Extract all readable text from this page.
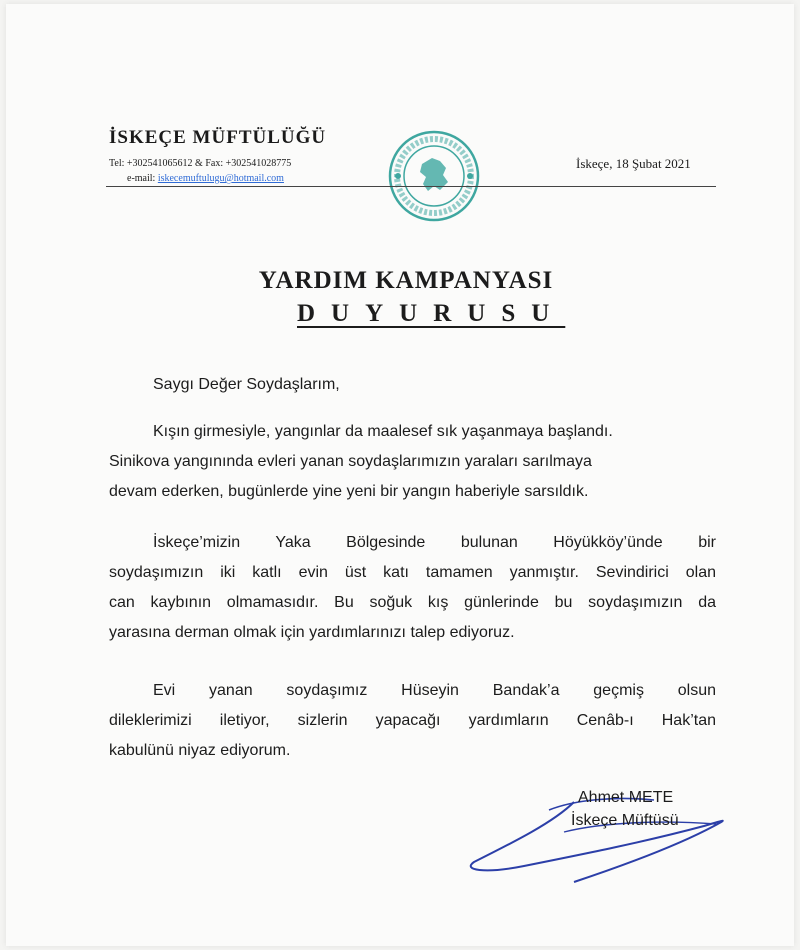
İSKEÇE MÜFTÜLÜĞÜ
Tel: +302541065612 & Fax: +302541028775
e-mail: iskecemuftulugu@hotmail.com
İskeçe, 18 Şubat 2021
YARDIM KAMPANYASI
DUYURUSU
Saygı Değer Soydaşlarım,
Kışın girmesiyle, yangınlar da maalesef sık yaşanmaya başlandı.
Sinikova yangınında evleri yanan soydaşlarımızın yaraları sarılmaya
devam ederken, bugünlerde yine yeni bir yangın haberiyle sarsıldık.
İskeçe’mizin Yaka Bölgesinde bulunan Höyükköy’ünde bir
soydaşımızın iki katlı evin üst katı tamamen yanmıştır. Sevindirici olan
can kaybının olmamasıdır. Bu soğuk kış günlerinde bu soydaşımızın da
yarasına derman olmak için yardımlarınızı talep ediyoruz.
Evi yanan soydaşımız Hüseyin Bandak’a geçmiş olsun
dileklerimizi iletiyor, sizlerin yapacağı yardımların Cenâb-ı Hak’tan
kabulünü niyaz ediyorum.
Ahmet METE
İskeçe Müftüsü
